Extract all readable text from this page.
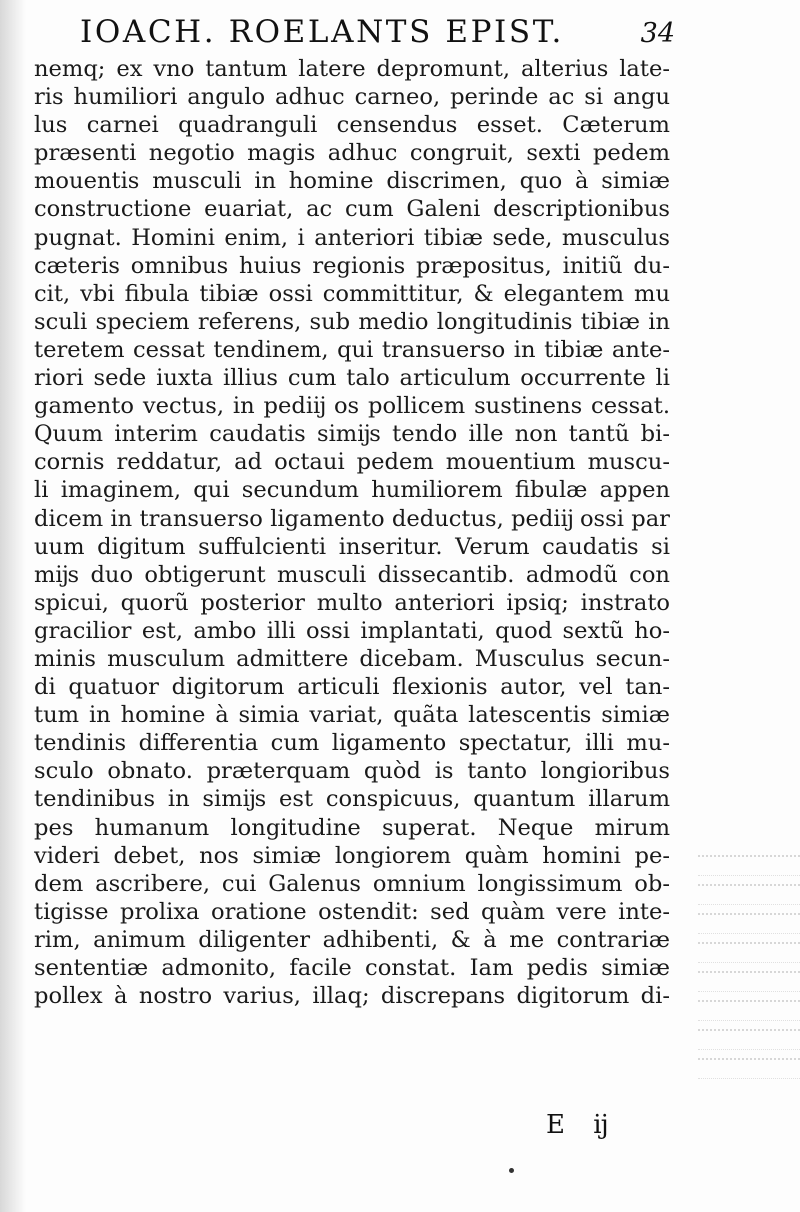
IOACH. ROELANTS EPIST.	34
nemq; ex vno tantum latere depromunt, alterius late-
ris humiliori angulo adhuc carneo, perinde ac si angu
lus carnei quadranguli censendus esset. Cæterum
præsenti negotio magis adhuc congruit, sexti pedem
mouentis musculi in homine discrimen, quo à simiæ
constructione euariat, ac cum Galeni descriptionibus
pugnat. Homini enim, i anteriori tibiæ sede, musculus
cæteris omnibus huius regionis præpositus, initiũ du-
cit, vbi fibula tibiæ ossi committitur, & elegantem mu
sculi speciem referens, sub medio longitudinis tibiæ in
teretem cessat tendinem, qui transuerso in tibiæ ante-
riori sede iuxta illius cum talo articulum occurrente li
gamento vectus, in pediĳ os pollicem sustinens cessat.
Quum interim caudatis simĳs tendo ille non tantũ bi-
cornis reddatur, ad octaui pedem mouentium muscu-
li imaginem, qui secundum humiliorem fibulæ appen
dicem in transuerso ligamento deductus, pediĳ ossi par
uum digitum suffulcienti inseritur. Verum caudatis si
mĳs duo obtigerunt musculi dissecantib. admodũ con
spicui, quorũ posterior multo anteriori ipsiq; instrato
gracilior est, ambo illi ossi implantati, quod sextũ ho-
minis musculum admittere dicebam. Musculus secun-
di quatuor digitorum articuli flexionis autor, vel tan-
tum in homine à simia variat, quãta latescentis simiæ
tendinis differentia cum ligamento spectatur, illi mu-
sculo obnato. præterquam quòd is tanto longioribus
tendinibus in simĳs est conspicuus, quantum illarum
pes humanum longitudine superat. Neque mirum
videri debet, nos simiæ longiorem quàm homini pe-
dem ascribere, cui Galenus omnium longissimum ob-
tigisse prolixa oratione ostendit: sed quàm vere inte-
rim, animum diligenter adhibenti, & à me contrariæ
sententiæ admonito, facile constat. Iam pedis simiæ
pollex à nostro varius, illaq; discrepans digitorum di-
E ĳ
